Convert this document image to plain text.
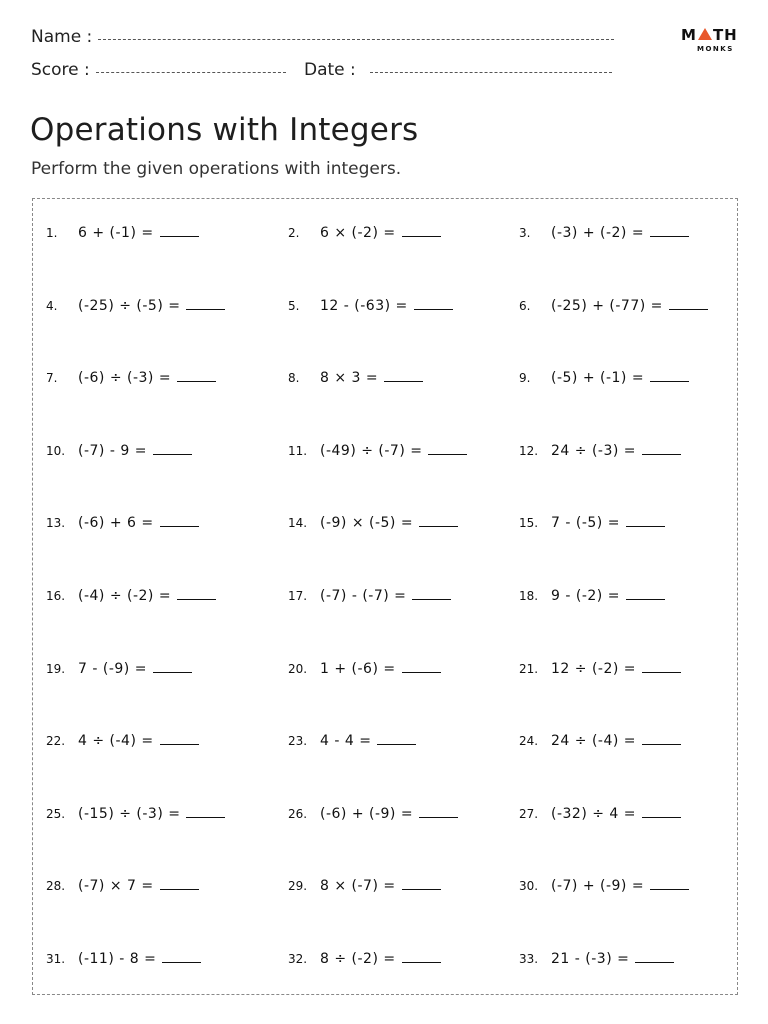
Name :
Score :	Date :
M TH
MONKS
Operations with Integers
Perform the given operations with integers.
1.	6 + (-1) =	2.	6 × (-2) =	3.	(-3) + (-2) =
4.	(-25) ÷ (-5) =	5.	12 - (-63) =	6.	(-25) + (-77) =
7.	(-6) ÷ (-3) =	8.	8 × 3 =	9.	(-5) + (-1) =
10. (-7) - 9 =	11. (-49) ÷ (-7) =	12. 24 ÷ (-3) =
13. (-6) + 6 =	14. (-9) × (-5) =	15. 7 - (-5) =
16. (-4) ÷ (-2) =	17. (-7) - (-7) =	18. 9 - (-2) =
19. 7 - (-9) =	20. 1 + (-6) =	21. 12 ÷ (-2) =
22. 4 ÷ (-4) =	23. 4 - 4 =	24. 24 ÷ (-4) =
25. (-15) ÷ (-3) =	26. (-6) + (-9) =	27. (-32) ÷ 4 =
28. (-7) × 7 =	29. 8 × (-7) =	30. (-7) + (-9) =
31. (-11) - 8 =	32. 8 ÷ (-2) =	33. 21 - (-3) =
